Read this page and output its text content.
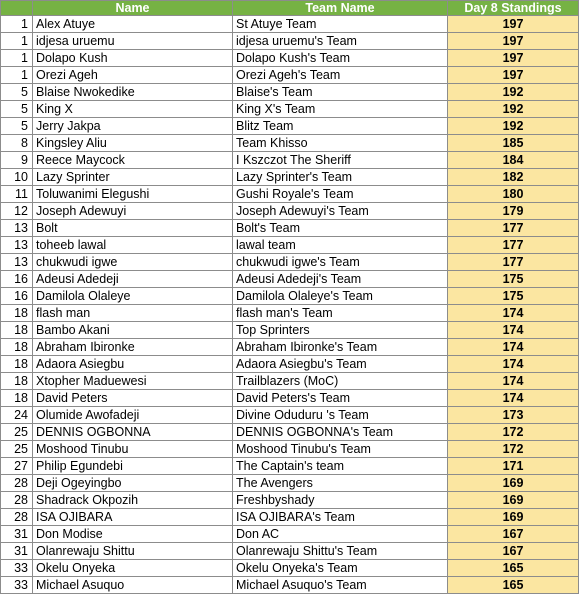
	Name	Team Name	Day 8 Standings
1	Alex Atuye	St Atuye Team	197
1	idjesa uruemu	idjesa uruemu's Team	197
1	Dolapo Kush	Dolapo Kush's Team	197
1	Orezi Ageh	Orezi Ageh's Team	197
5	Blaise Nwokedike	Blaise's Team	192
5	King X	King X's Team	192
5	Jerry Jakpa	Blitz Team	192
8	Kingsley Aliu	Team Khisso	185
9	Reece Maycock	I Kszczot The Sheriff	184
10	Lazy Sprinter	Lazy Sprinter's Team	182
11	Toluwanimi Elegushi	Gushi Royale's Team	180
12	Joseph Adewuyi	Joseph Adewuyi's Team	179
13	Bolt	Bolt's Team	177
13	toheeb lawal	lawal team	177
13	chukwudi igwe	chukwudi igwe's Team	177
16	Adeusi Adedeji	Adeusi Adedeji's Team	175
16	Damilola Olaleye	Damilola Olaleye's Team	175
18	flash man	flash man's Team	174
18	Bambo Akani	Top Sprinters	174
18	Abraham Ibironke	Abraham Ibironke's Team	174
18	Adaora Asiegbu	Adaora Asiegbu's Team	174
18	Xtopher Maduewesi	Trailblazers (MoC)	174
18	David Peters	David Peters's Team	174
24	Olumide Awofadeji	Divine Oduduru 's Team	173
25	DENNIS OGBONNA	DENNIS OGBONNA's Team	172
25	Moshood Tinubu	Moshood Tinubu's Team	172
27	Philip Egundebi	The Captain's team	171
28	Deji Ogeyingbo	The Avengers	169
28	Shadrack Okpozih	Freshbyshady	169
28	ISA OJIBARA	ISA OJIBARA's Team	169
31	Don Modise	Don AC	167
31	Olanrewaju Shittu	Olanrewaju Shittu's Team	167
33	Okelu Onyeka	Okelu Onyeka's Team	165
33	Michael Asuquo	Michael Asuquo's Team	165
